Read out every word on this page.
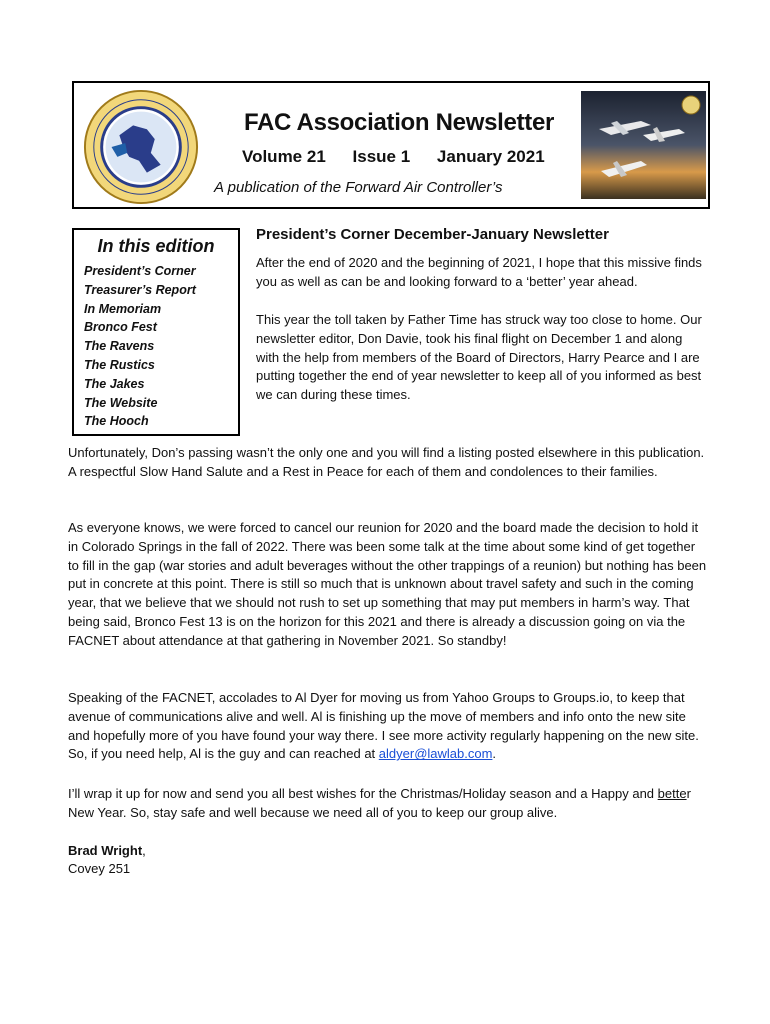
FAC Association Newsletter
Volume 21 Issue 1 January 2021
A publication of the Forward Air Controller’s
In this edition
President’s Corner
Treasurer’s Report
In Memoriam
Bronco Fest
The Ravens
The Rustics
The Jakes
The Website
The Hooch
President’s Corner December-January Newsletter

After the end of 2020 and the beginning of 2021, I hope that this missive finds you as well as can be and looking forward to a ‘better’ year ahead.

This year the toll taken by Father Time has struck way too close to home. Our newsletter editor, Don Davie, took his final flight on December 1 and along with the help from members of the Board of Directors, Harry Pearce and I are putting together the end of year newsletter to keep all of you informed as best we can during these times.

Unfortunately, Don’s passing wasn’t the only one and you will find a listing posted elsewhere in this publication. A respectful Slow Hand Salute and a Rest in Peace for each of them and condolences to their families.

As everyone knows, we were forced to cancel our reunion for 2020 and the board made the decision to hold it in Colorado Springs in the fall of 2022. There was been some talk at the time about some kind of get together to fill in the gap (war stories and adult beverages without the other trappings of a reunion) but nothing has been put in concrete at this point. There is still so much that is unknown about travel safety and such in the coming year, that we believe that we should not rush to set up something that may put members in harm’s way. That being said, Bronco Fest 13 is on the horizon for this 2021 and there is already a discussion going on via the FACNET about attendance at that gathering in November 2021. So standby!

Speaking of the FACNET, accolades to Al Dyer for moving us from Yahoo Groups to Groups.io, to keep that avenue of communications alive and well. Al is finishing up the move of members and info onto the new site and hopefully more of you have found your way there. I see more activity regularly happening on the new site. So, if you need help, Al is the guy and can reached at aldyer@lawlab.com.

I’ll wrap it up for now and send you all best wishes for the Christmas/Holiday season and a Happy and better New Year. So, stay safe and well because we need all of you to keep our group alive.

Brad Wright,
Covey 251
